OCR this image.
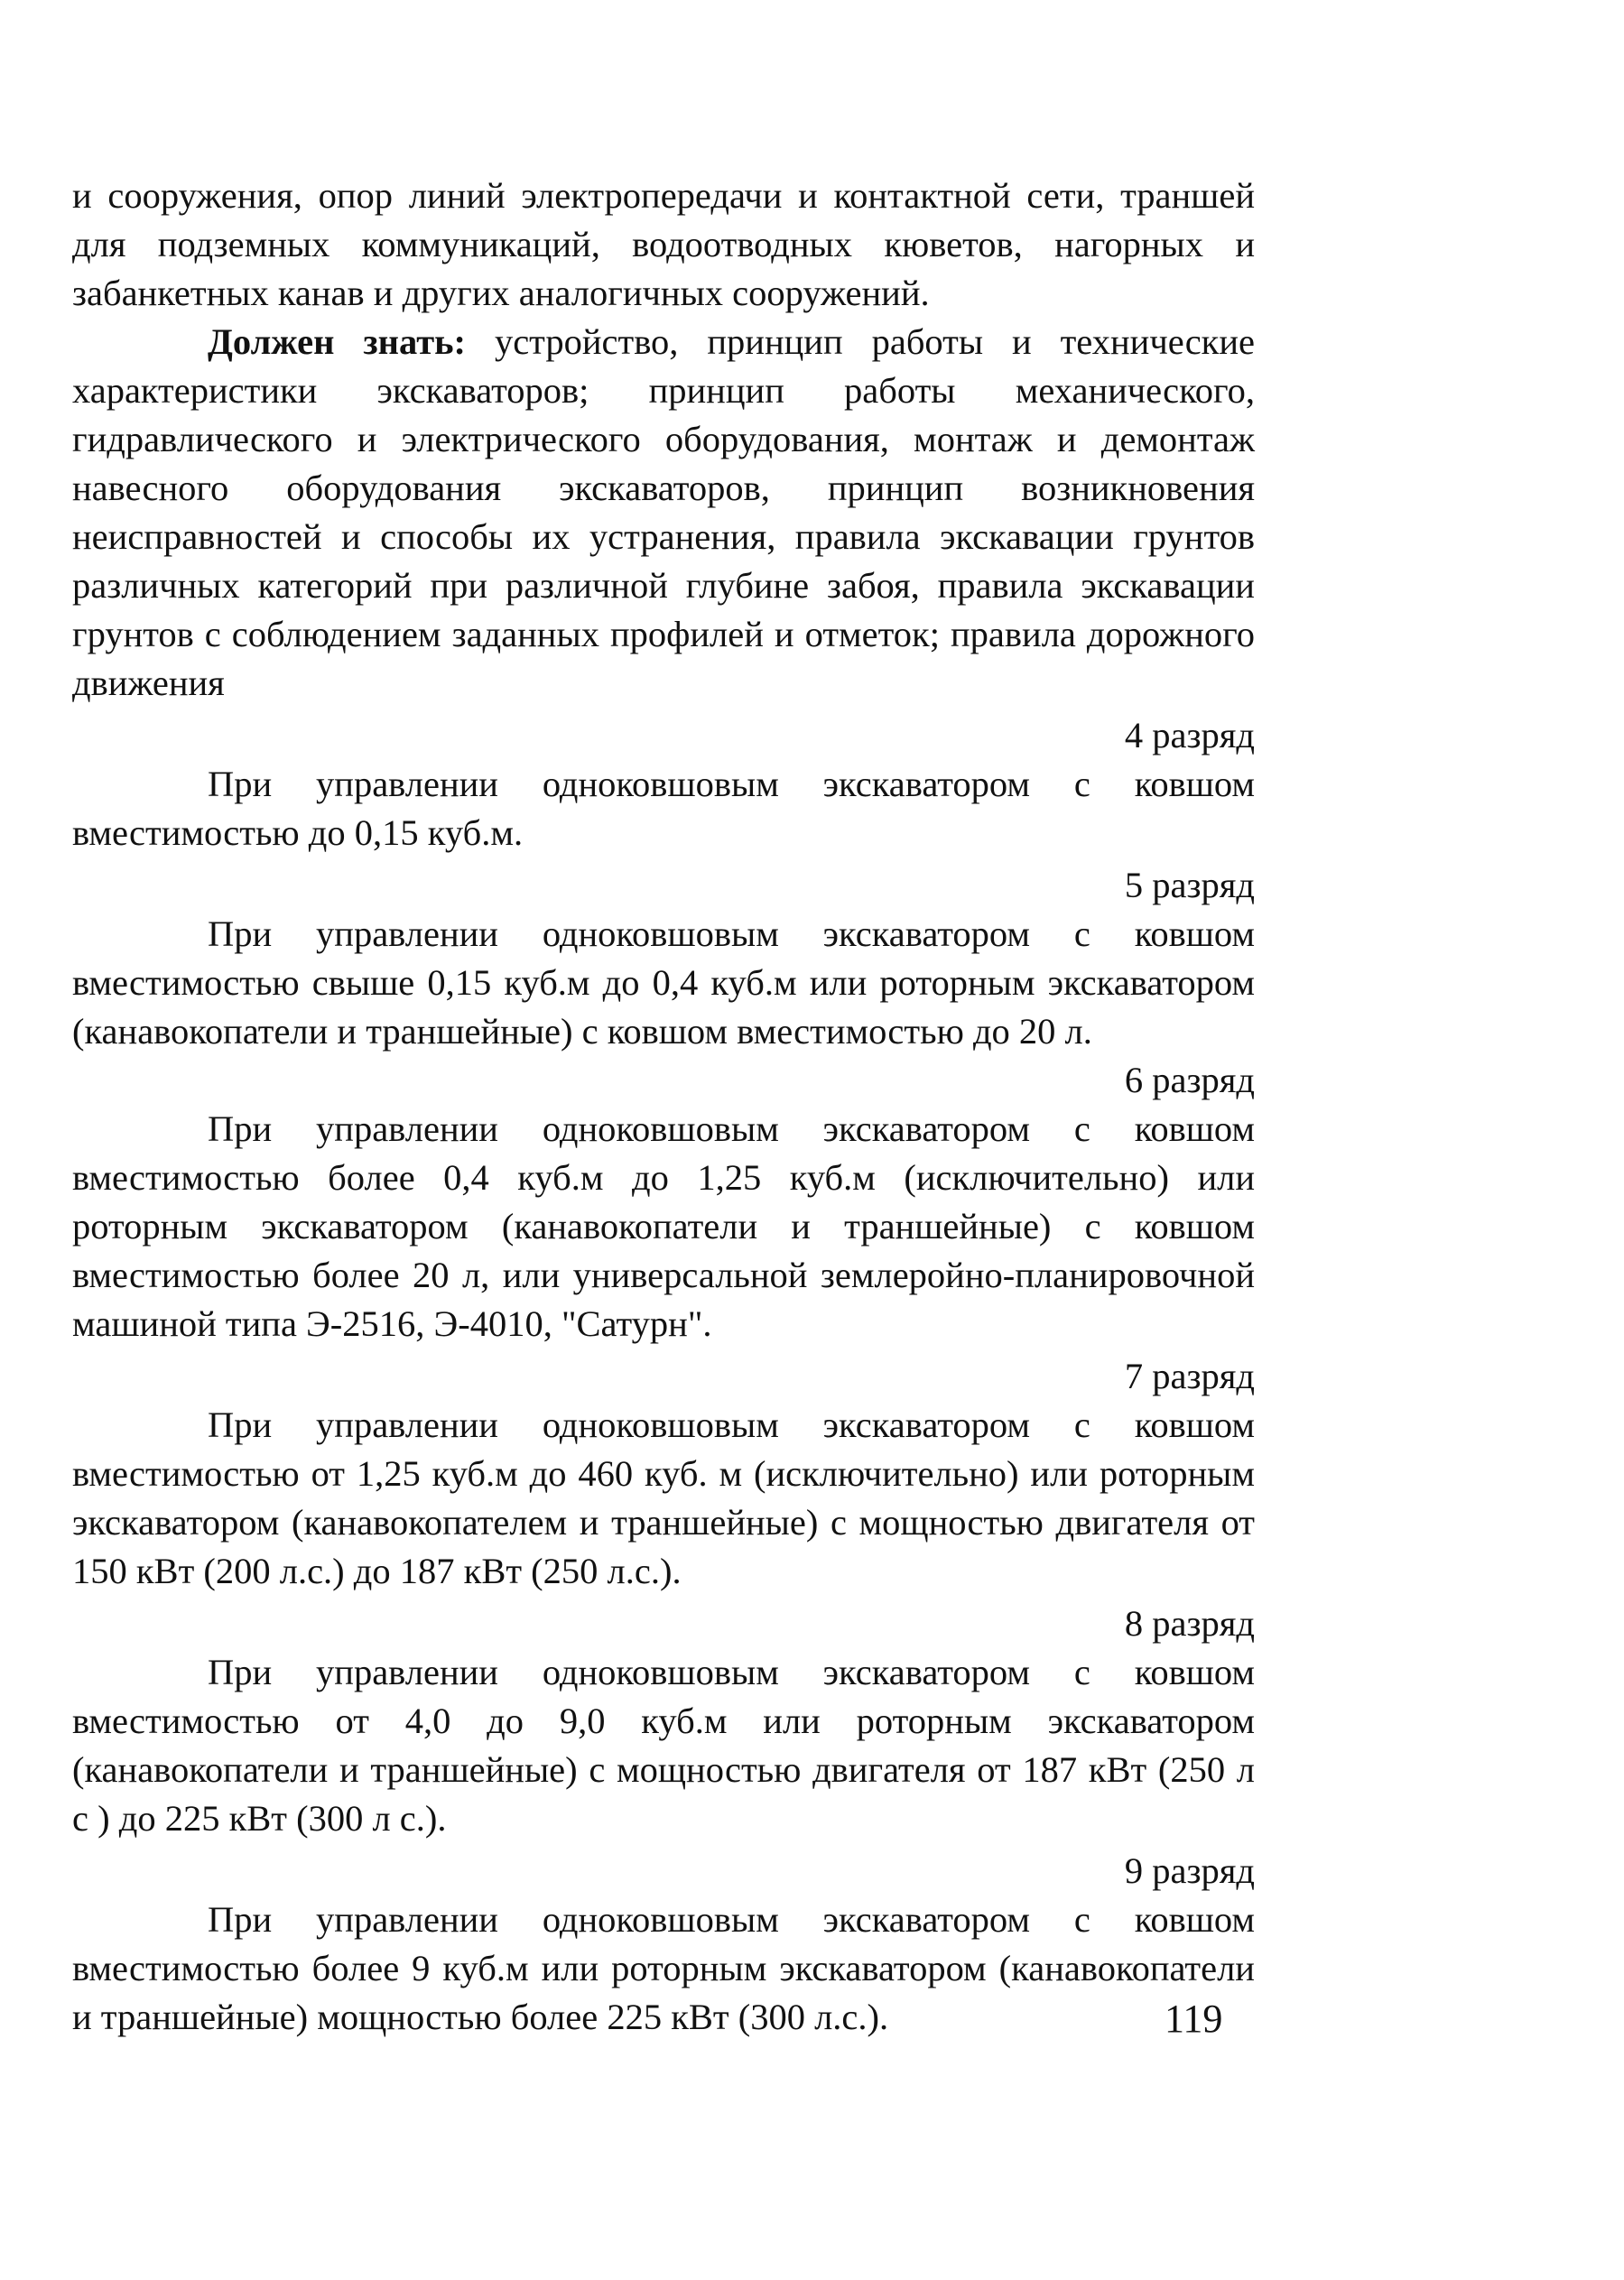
и сооружения, опор линий электропередачи и контактной сети, траншей для подземных коммуникаций, водоотводных кюветов, нагорных и забанкетных канав и других аналогичных сооружений.

Должен знать: устройство, принцип работы и технические характеристики экскаваторов; принцип работы механического, гидравлического и электрического оборудования, монтаж и демонтаж навесного оборудования экскаваторов, принцип возникновения неисправностей и способы их устранения, правила экскавации грунтов различных категорий при различной глубине забоя, правила экскавации грунтов с соблюдением заданных профилей и отметок; правила дорожного движения

4 разряд

При управлении одноковшовым экскаватором с ковшом вместимостью до 0,15 куб.м.

5 разряд

При управлении одноковшовым экскаватором с ковшом вместимостью свыше 0,15 куб.м до 0,4 куб.м или роторным экскаватором (канавокопатели и траншейные) с ковшом вместимостью до 20 л.

6 разряд

При управлении одноковшовым экскаватором с ковшом вместимостью более 0,4 куб.м до 1,25 куб.м (исключительно) или роторным экскаватором (канавокопатели и траншейные) с ковшом вместимостью более 20 л, или универсальной землеройно-планировочной машиной типа Э-2516, Э-4010, "Сатурн".

7 разряд

При управлении одноковшовым экскаватором с ковшом вместимостью от 1,25 куб.м до 460 куб. м (исключительно) или роторным экскаватором (канавокопателем и траншейные) с мощностью двигателя от 150 кВт (200 л.с.) до 187 кВт (250 л.с.).

8 разряд

При управлении одноковшовым экскаватором с ковшом вместимостью от 4,0 до 9,0 куб.м или роторным экскаватором (канавокопатели и траншейные) с мощностью двигателя от 187 кВт (250 л с ) до 225 кВт (300 л с.).

9 разряд

При управлении одноковшовым экскаватором с ковшом вместимостью более 9 куб.м или роторным экскаватором (канавокопатели и траншейные) мощностью более 225 кВт (300 л.с.).	119
